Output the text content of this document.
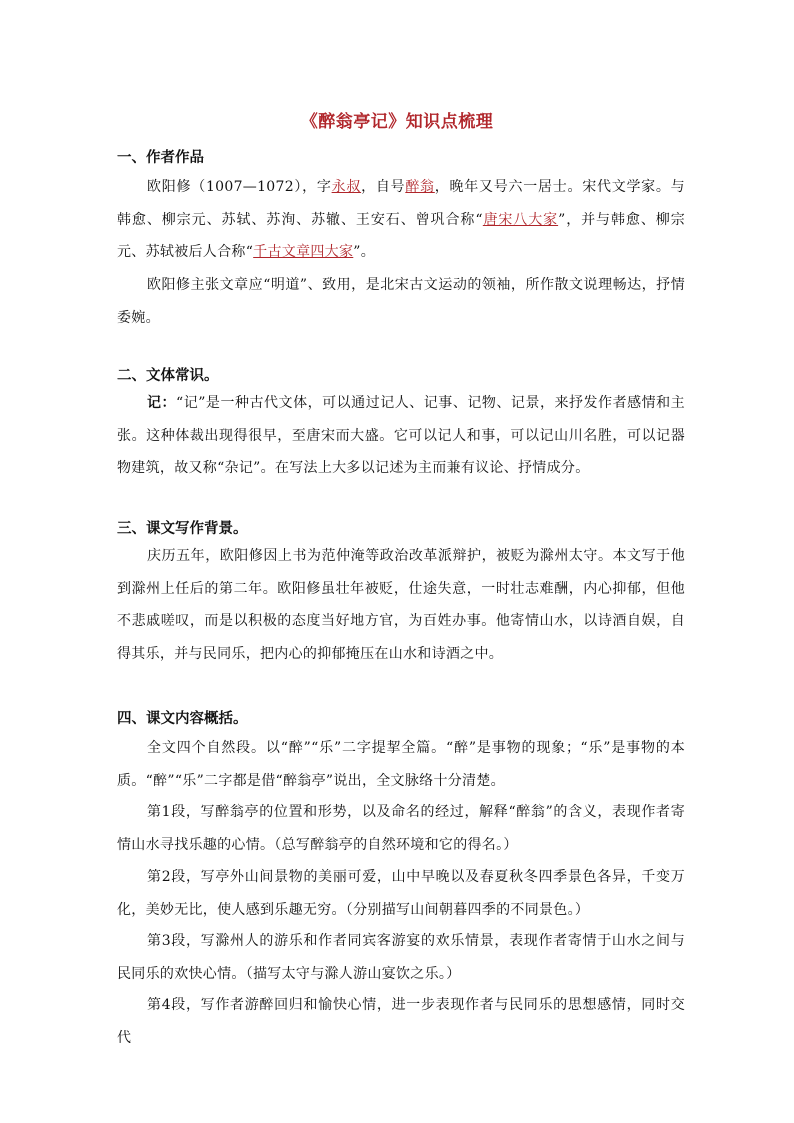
《醉翁亭记》知识点梳理
一、作者作品

欧阳修（1007—1072），字永叔，自号醉翁，晚年又号六一居士。宋代文学家。与韩愈、柳宗元、苏轼、苏洵、苏辙、王安石、曾巩合称“唐宋八大家”，并与韩愈、柳宗元、苏轼被后人合称“千古文章四大家”。

欧阳修主张文章应“明道”、致用，是北宋古文运动的领袖，所作散文说理畅达，抒情委婉。

二、文体常识。

记：“记”是一种古代文体，可以通过记人、记事、记物、记景，来抒发作者感情和主张。这种体裁出现得很早，至唐宋而大盛。它可以记人和事，可以记山川名胜，可以记器物建筑，故又称“杂记”。在写法上大多以记述为主而兼有议论、抒情成分。

三、课文写作背景。

庆历五年，欧阳修因上书为范仲淹等政治改革派辩护，被贬为滁州太守。本文写于他到滁州上任后的第二年。欧阳修虽壮年被贬，仕途失意，一时壮志难酬，内心抑郁，但他不悲戚嗟叹，而是以积极的态度当好地方官，为百姓办事。他寄情山水，以诗酒自娱，自得其乐，并与民同乐，把内心的抑郁掩压在山水和诗酒之中。

四、课文内容概括。

全文四个自然段。以“醉”“乐”二字提挈全篇。“醉”是事物的现象；“乐”是事物的本质。“醉”“乐”二字都是借“醉翁亭”说出，全文脉络十分清楚。

第1段，写醉翁亭的位置和形势，以及命名的经过，解释“醉翁”的含义，表现作者寄情山水寻找乐趣的心情。（总写醉翁亭的自然环境和它的得名。）

第2段，写亭外山间景物的美丽可爱，山中早晚以及春夏秋冬四季景色各异，千变万化，美妙无比，使人感到乐趣无穷。（分别描写山间朝暮四季的不同景色。）

第3段，写滁州人的游乐和作者同宾客游宴的欢乐情景，表现作者寄情于山水之间与民同乐的欢快心情。（描写太守与滁人游山宴饮之乐。）

第4段，写作者游醉回归和愉快心情，进一步表现作者与民同乐的思想感情，同时交代
